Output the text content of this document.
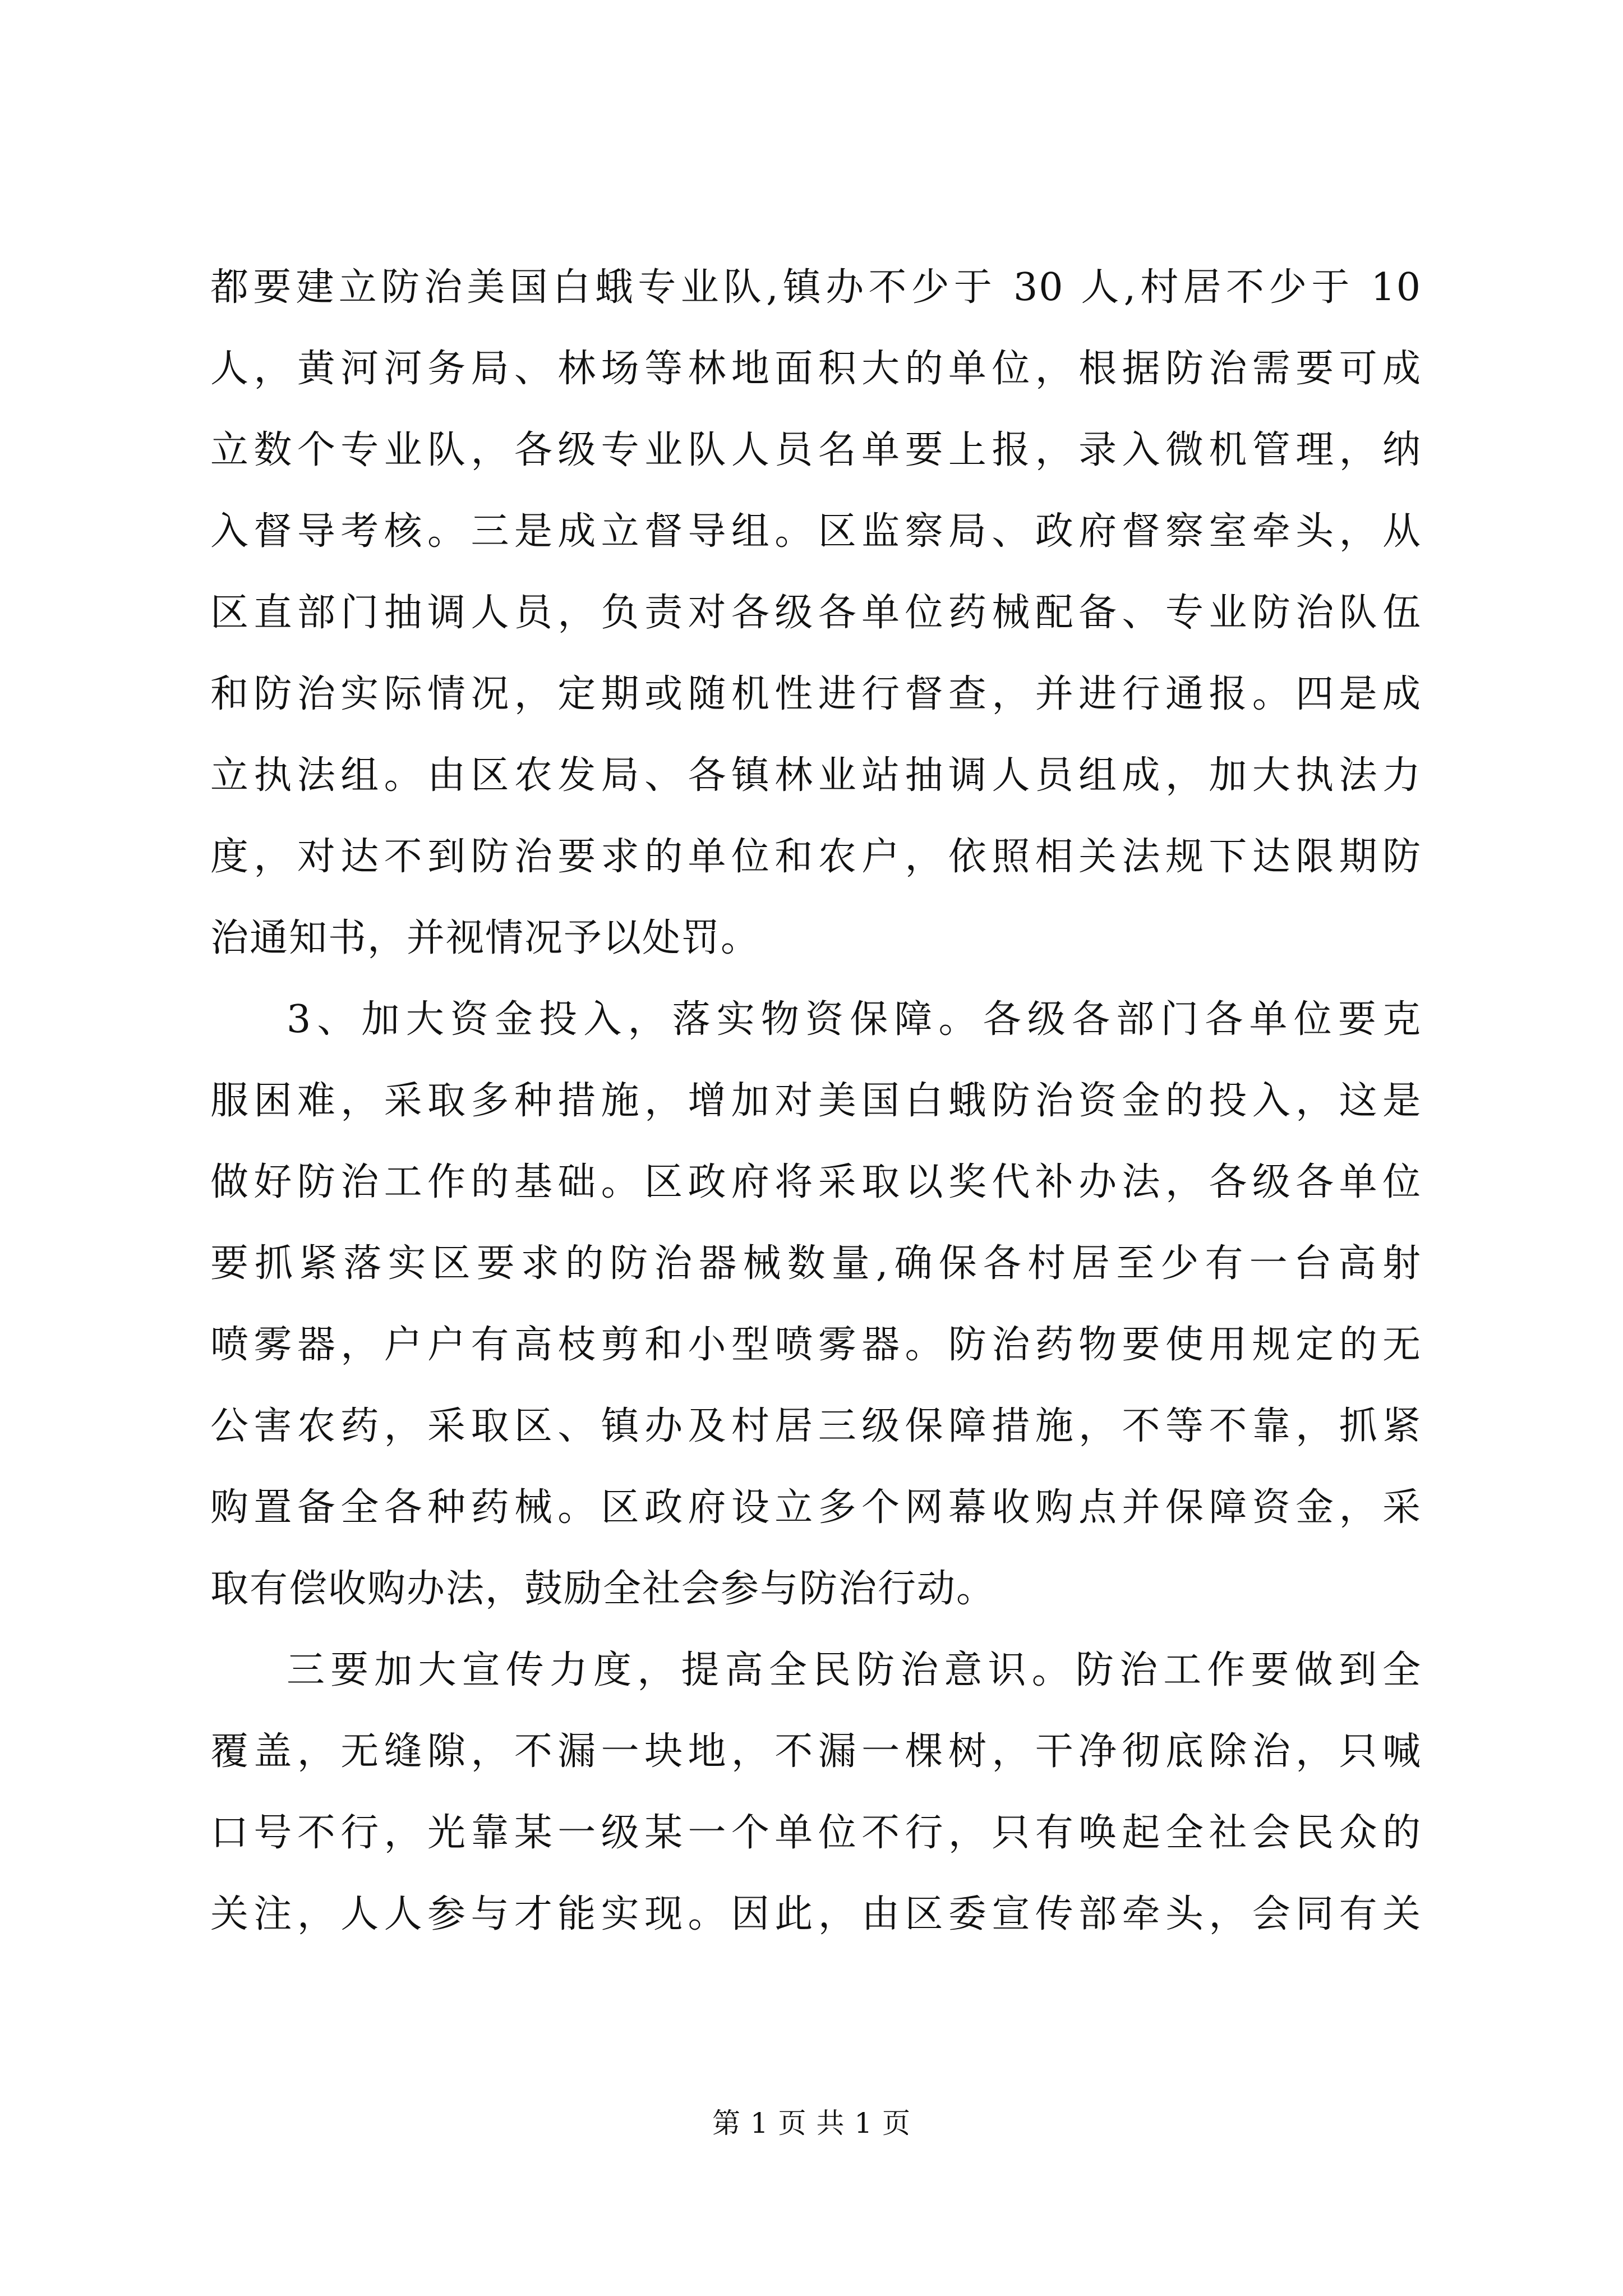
都要建立防治美国白蛾专业队,镇办不少于 30 人,村居不少于 10
人，黄河河务局、林场等林地面积大的单位，根据防治需要可成
立数个专业队，各级专业队人员名单要上报，录入微机管理，纳
入督导考核。三是成立督导组。区监察局、政府督察室牵头，从
区直部门抽调人员，负责对各级各单位药械配备、专业防治队伍
和防治实际情况，定期或随机性进行督查，并进行通报。四是成
立执法组。由区农发局、各镇林业站抽调人员组成，加大执法力
度，对达不到防治要求的单位和农户，依照相关法规下达限期防
治通知书，并视情况予以处罚。
3、加大资金投入，落实物资保障。各级各部门各单位要克
服困难，采取多种措施，增加对美国白蛾防治资金的投入，这是
做好防治工作的基础。区政府将采取以奖代补办法，各级各单位
要抓紧落实区要求的防治器械数量,确保各村居至少有一台高射
喷雾器，户户有高枝剪和小型喷雾器。防治药物要使用规定的无
公害农药，采取区、镇办及村居三级保障措施，不等不靠，抓紧
购置备全各种药械。区政府设立多个网幕收购点并保障资金，采
取有偿收购办法，鼓励全社会参与防治行动。
三要加大宣传力度，提高全民防治意识。防治工作要做到全
覆盖，无缝隙，不漏一块地，不漏一棵树，干净彻底除治，只喊
口号不行，光靠某一级某一个单位不行，只有唤起全社会民众的
关注，人人参与才能实现。因此，由区委宣传部牵头，会同有关
第 1 页 共 1 页
